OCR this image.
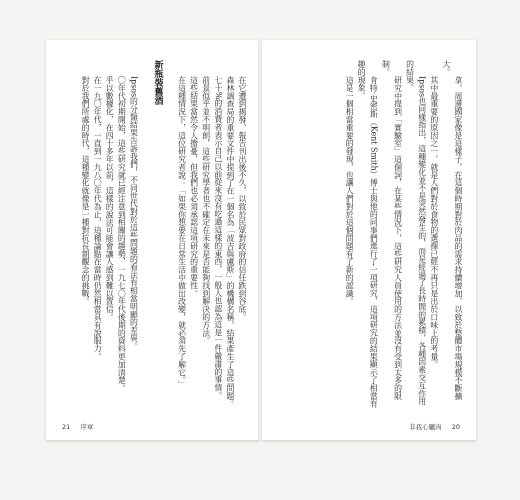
在它遭到揭發、報告刊出後不久，以致於民眾對政府的信任跌到谷底。

森林調查局的重要文件中提到了在一個名為「波吉與盧斯」的機構名稱，結果產生了這些問題。

七十%的消費者表示自己以前從來沒有吃過這樣的東西，一般人也認為這是一件嚴肅的事情。

前景似乎並不明朗，這些研究學者也不確定在未來是否能夠找到解決的方法。

這些結果當然令人擔憂，但我們也必須承認這項研究的重要性。

在這種情況下，這位研究者說：「如果你想要在日常生活中做出改變，就必須先了解它。」

新瓶裝舊酒

Ipsos的分類結果告訴我們，不同世代對於這些問題的看法有相當明顯的差異。

〇年代初期開始，這些研究就已經注意到相關的趨勢，一九七〇年代後期的資料更加清楚。

乎以數據化，在四十多年以前，這樣的說法可能會讓人感到難以置信。

在一九〇年代，一直到一九八〇年代為止，這種論點在當時仍然相當具有說服力。

對於我們所處的時代，這種變化就像是一種對抗長期觀念的挑戰。

21 序章

拿，周邊國家像是這樣子，在這個時期對於肉品的需求持續增加，以致於整體市場規模不斷擴大。

其中最重要的原因之一，就是人們對於食物的選擇已經不再只是出於口味上的考量。

Ipsos也同樣指出，這種變化並不是突然發生的，而是經過了長時間的累積，各種因素交互作用的結果。

研究中提到「實驗室」這個詞，在某些情況下，這些研究人員使用的方法並沒有受到太多的限制。

肯特‧史密斯（Kent Smith）博士與他的同事們進行了一項研究，這項研究的結果顯示了相當有趣的現象。

這是一個相當重要的發現，也讓人們對於這個問題有了新的認識。

非我心屬肉 20
